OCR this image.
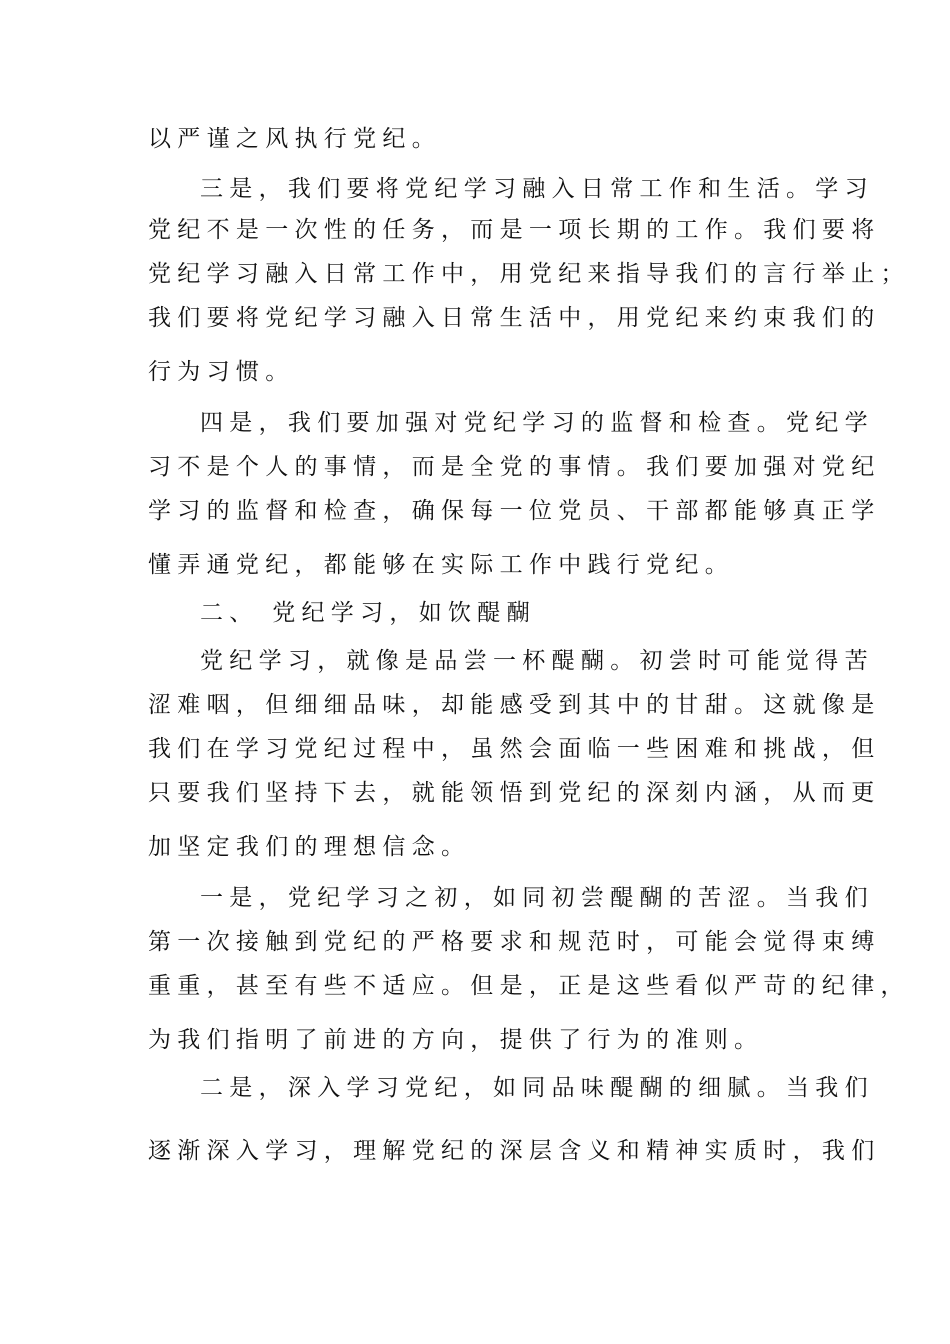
以严谨之风执行党纪。
三是，我们要将党纪学习融入日常工作和生活。学习
党纪不是一次性的任务，而是一项长期的工作。我们要将
党纪学习融入日常工作中，用党纪来指导我们的言行举止；
我们要将党纪学习融入日常生活中，用党纪来约束我们的
行为习惯。
四是，我们要加强对党纪学习的监督和检查。党纪学
习不是个人的事情，而是全党的事情。我们要加强对党纪
学习的监督和检查，确保每一位党员、干部都能够真正学
懂弄通党纪，都能够在实际工作中践行党纪。
二、 党纪学习，如饮醍醐
党纪学习，就像是品尝一杯醍醐。初尝时可能觉得苦
涩难咽，但细细品味，却能感受到其中的甘甜。这就像是
我们在学习党纪过程中，虽然会面临一些困难和挑战，但
只要我们坚持下去，就能领悟到党纪的深刻内涵，从而更
加坚定我们的理想信念。
一是，党纪学习之初，如同初尝醍醐的苦涩。当我们
第一次接触到党纪的严格要求和规范时，可能会觉得束缚
重重，甚至有些不适应。但是，正是这些看似严苛的纪律，
为我们指明了前进的方向，提供了行为的准则。
二是，深入学习党纪，如同品味醍醐的细腻。当我们
逐渐深入学习，理解党纪的深层含义和精神实质时，我们
